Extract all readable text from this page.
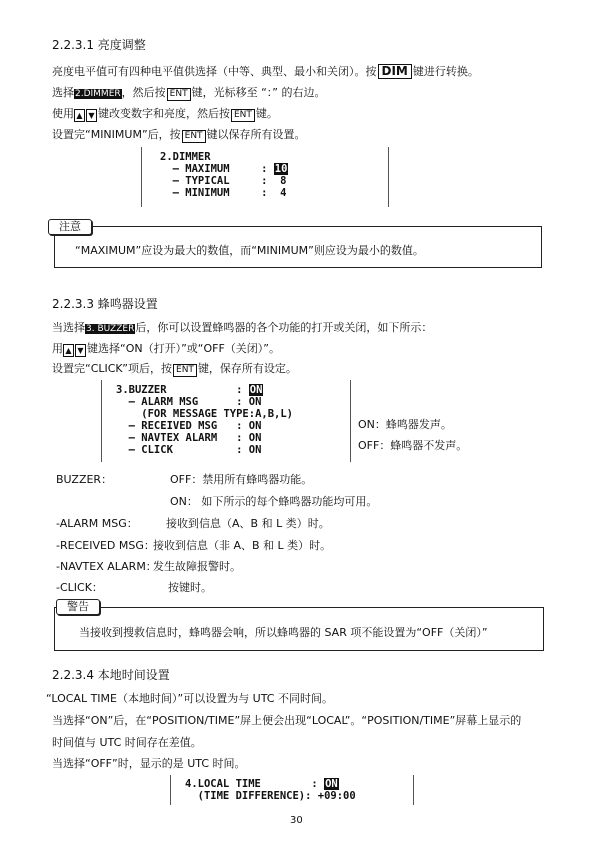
2.2.3.1 亮度调整
亮度电平值可有四种电平值供选择（中等、典型、最小和关闭）。按 DIM 键进行转换。
选择2.DIMMER，然后按 ENT 键，光标移至 “：” 的右边。
使用 ▲ ▼ 键改变数字和亮度，然后按 ENT 键。
设置完“MINIMUM”后，按 ENT 键以保存所有设置。
2.DIMMER
– MAXIMUM     : 10
– TYPICAL     :  8
– MINIMUM     :  4
“MAXIMUM”应设为最大的数值，而“MINIMUM”则应设为最小的数值。
注意
2.2.3.3 蜂鸣器设置
当选择3. BUZZER后，你可以设置蜂鸣器的各个功能的打开或关闭，如下所示：
用 ▲ ▼ 键选择“ON（打开）”或“OFF（关闭）”。
设置完“CLICK”项后，按 ENT 键，保存所有设定。
3.BUZZER           : ON
– ALARM MSG      : ON
(FOR MESSAGE TYPE:A,B,L)
– RECEIVED MSG   : ON
– NAVTEX ALARM   : ON
– CLICK          : ON
ON：蜂鸣器发声。
OFF：蜂鸣器不发声。
BUZZER：	OFF：禁用所有蜂鸣器功能。
ON： 如下所示的每个蜂鸣器功能均可用。
-ALARM MSG：	接收到信息（A、B 和 L 类）时。
-RECEIVED MSG：
接收到信息（非 A、B 和 L 类）时。
-NAVTEX ALARM：
发生故障报警时。
-CLICK：	按键时。
当接收到搜救信息时，蜂鸣器会响，所以蜂鸣器的 SAR 项不能设置为“OFF（关闭）”
警告
2.2.3.4 本地时间设置
“LOCAL TIME（本地时间）”可以设置为与 UTC 不同时间。
当选择“ON”后，在“POSITION/TIME”屏上便会出现“LOCAL”。“POSITION/TIME”屏幕上显示的
时间值与 UTC 时间存在差值。
当选择“OFF”时，显示的是 UTC 时间。
4.LOCAL TIME        : ON
(TIME DIFFERENCE): +09:00
30
